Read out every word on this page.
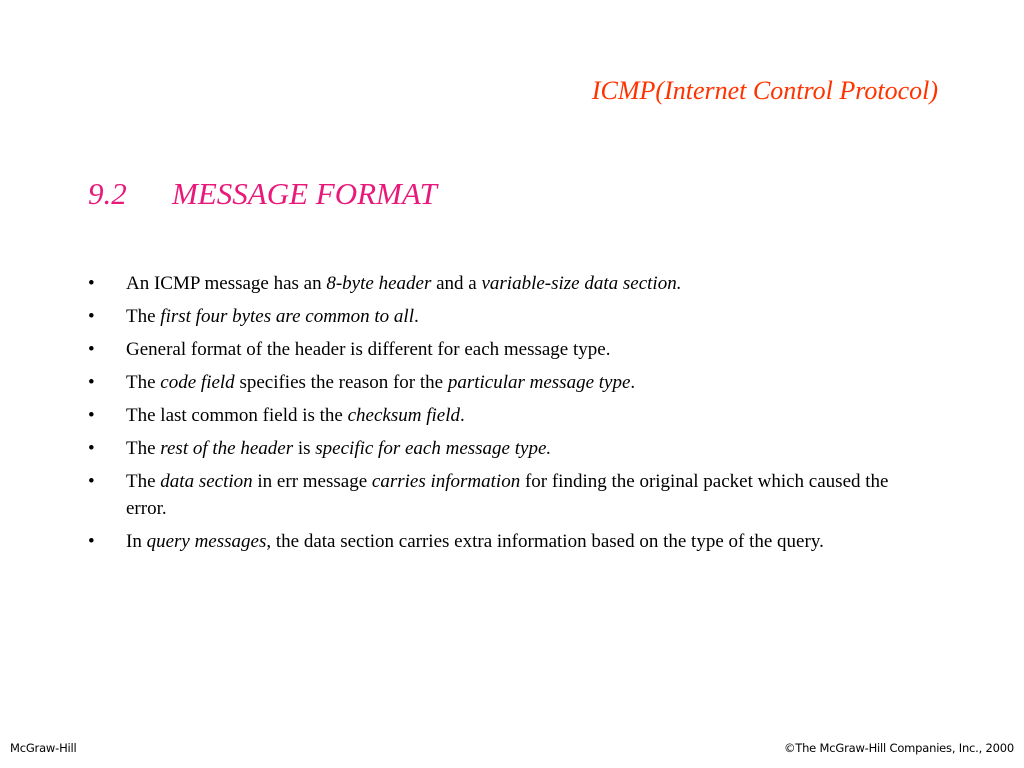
ICMP(Internet Control Protocol)
9.2 MESSAGE FORMAT
• An ICMP message has an 8-byte header and a variable-size data section.
• The first four bytes are common to all.
• General format of the header is different for each message type.
• The code field specifies the reason for the particular message type.
• The last common field is the checksum field.
• The rest of the header is specific for each message type.
• The data section in err message carries information for finding the original packet which caused the error.
• In query messages, the data section carries extra information based on the type of the query.
McGraw-Hill	©The McGraw-Hill Companies, Inc., 2000
